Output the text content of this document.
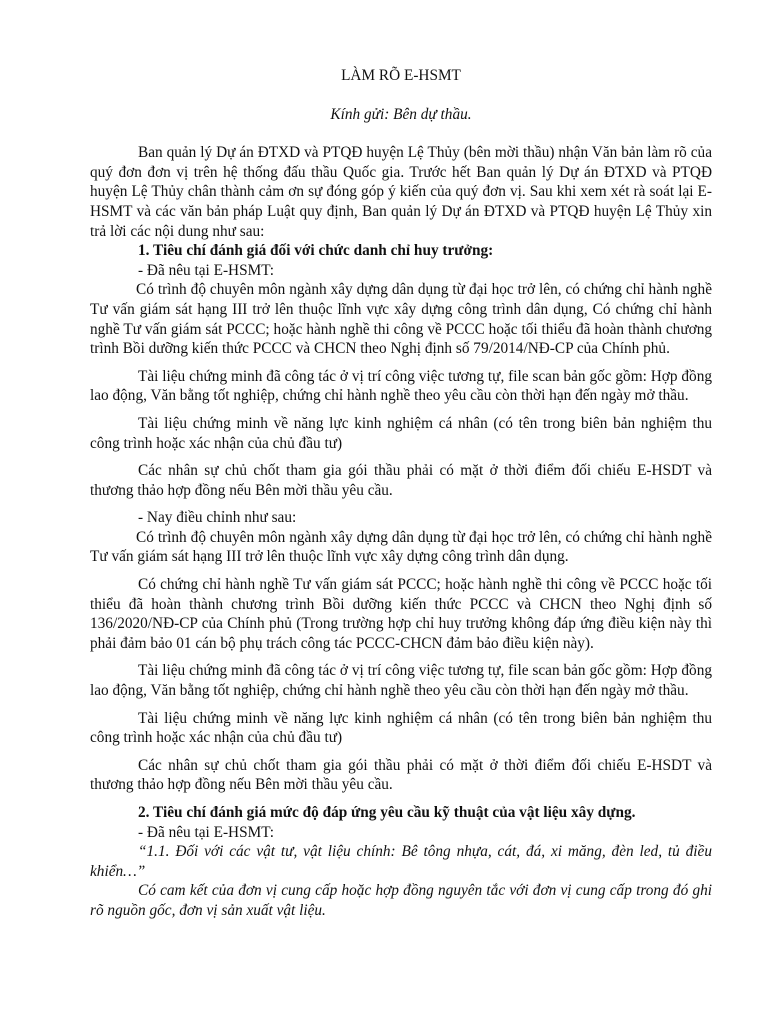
LÀM RÕ E-HSMT

Kính gửi: Bên dự thầu.

Ban quản lý Dự án ĐTXD và PTQĐ huyện Lệ Thủy (bên mời thầu) nhận Văn bản làm rõ của quý đơn đơn vị trên hệ thống đấu thầu Quốc gia. Trước hết Ban quản lý Dự án ĐTXD và PTQĐ huyện Lệ Thủy chân thành cảm ơn sự đóng góp ý kiến của quý đơn vị. Sau khi xem xét rà soát lại E-HSMT và các văn bản pháp Luật quy định, Ban quản lý Dự án ĐTXD và PTQĐ huyện Lệ Thủy xin trả lời các nội dung như sau:

1. Tiêu chí đánh giá đối với chức danh chỉ huy trưởng:

- Đã nêu tại E-HSMT:

Có trình độ chuyên môn ngành xây dựng dân dụng từ đại học trở lên, có chứng chỉ hành nghề Tư vấn giám sát hạng III trở lên thuộc lĩnh vực xây dựng công trình dân dụng, Có chứng chỉ hành nghề Tư vấn giám sát PCCC; hoặc hành nghề thi công về PCCC hoặc tối thiểu đã hoàn thành chương trình Bồi dưỡng kiến thức PCCC và CHCN theo Nghị định số 79/2014/NĐ-CP của Chính phủ.

Tài liệu chứng minh đã công tác ở vị trí công việc tương tự, file scan bản gốc gồm: Hợp đồng lao động, Văn bằng tốt nghiệp, chứng chỉ hành nghề theo yêu cầu còn thời hạn đến ngày mở thầu.

Tài liệu chứng minh về năng lực kinh nghiệm cá nhân (có tên trong biên bản nghiệm thu công trình hoặc xác nhận của chủ đầu tư)

Các nhân sự chủ chốt tham gia gói thầu phải có mặt ở thời điểm đối chiếu E-HSDT và thương thảo hợp đồng nếu Bên mời thầu yêu cầu.

- Nay điều chỉnh như sau:

Có trình độ chuyên môn ngành xây dựng dân dụng từ đại học trở lên, có chứng chỉ hành nghề Tư vấn giám sát hạng III trở lên thuộc lĩnh vực xây dựng công trình dân dụng.

Có chứng chỉ hành nghề Tư vấn giám sát PCCC; hoặc hành nghề thi công về PCCC hoặc tối thiểu đã hoàn thành chương trình Bồi dưỡng kiến thức PCCC và CHCN theo Nghị định số 136/2020/NĐ-CP của Chính phủ (Trong trường hợp chỉ huy trưởng không đáp ứng điều kiện này thì phải đảm bảo 01 cán bộ phụ trách công tác PCCC-CHCN đảm bảo điều kiện này).

Tài liệu chứng minh đã công tác ở vị trí công việc tương tự, file scan bản gốc gồm: Hợp đồng lao động, Văn bằng tốt nghiệp, chứng chỉ hành nghề theo yêu cầu còn thời hạn đến ngày mở thầu.

Tài liệu chứng minh về năng lực kinh nghiệm cá nhân (có tên trong biên bản nghiệm thu công trình hoặc xác nhận của chủ đầu tư)

Các nhân sự chủ chốt tham gia gói thầu phải có mặt ở thời điểm đối chiếu E-HSDT và thương thảo hợp đồng nếu Bên mời thầu yêu cầu.

2. Tiêu chí đánh giá mức độ đáp ứng yêu cầu kỹ thuật của vật liệu xây dựng.

- Đã nêu tại E-HSMT:

“1.1. Đối với các vật tư, vật liệu chính: Bê tông nhựa, cát, đá, xi măng, đèn led, tủ điều khiển…”

Có cam kết của đơn vị cung cấp hoặc hợp đồng nguyên tắc với đơn vị cung cấp trong đó ghi rõ nguồn gốc, đơn vị sản xuất vật liệu.
